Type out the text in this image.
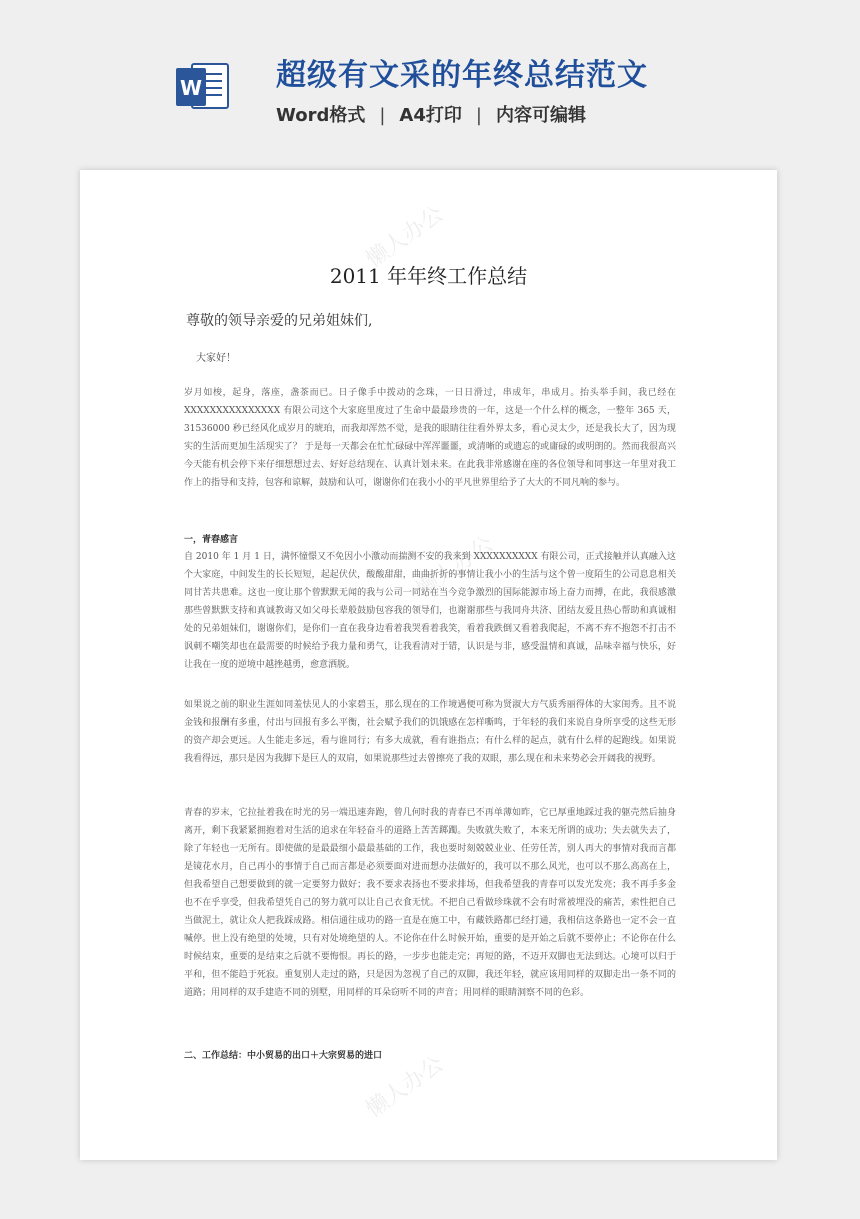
W 超级有文采的年终总结范文
Word格式 | A4打印 | 内容可编辑
懒人办公
懒人办公
懒人办公
2011 年年终工作总结
尊敬的领导亲爱的兄弟姐妹们,
大家好！
岁月如梭，起身，落座，盏茶而已。日子像手中拨动的念珠，一日日滑过，串成年，串成月。抬头举手间，我已经在 XXXXXXXXXXXXXXX 有限公司这个大家庭里度过了生命中最最珍贵的一年，这是一个什么样的概念，一整年 365 天，31536000 秒已经风化成岁月的琥珀，而我却浑然不觉，是我的眼睛往往看外界太多，看心灵太少，还是我长大了，因为现实的生活而更加生活现实了？ 于是每一天都会在忙忙碌碌中浑浑噩噩，或清晰的或遗忘的或庸碌的或明朗的。然而我很高兴今天能有机会停下来仔细想想过去、好好总结现在、认真计划未来。在此我非常感谢在座的各位领导和同事这一年里对我工作上的指导和支持，包容和谅解，鼓励和认可，谢谢你们在我小小的平凡世界里给予了大大的不同凡响的参与。
一，青春感言
自 2010 年 1 月 1 日，满怀憧憬又不免因小小激动而揣测不安的我来到 XXXXXXXXXX 有限公司，正式接触并认真融入这个大家庭，中间发生的长长短短，起起伏伏，酸酸甜甜，曲曲折折的事情让我小小的生活与这个曾一度陌生的公司息息相关同甘苦共患难。这也一度让那个曾默默无闻的我与公司一同站在当今竞争激烈的国际能源市场上奋力而搏，在此，我很感激那些曾默默支持和真诚教诲又如父母长辈般鼓励包容我的领导们，也谢谢那些与我同舟共济、团结友爱且热心帮助和真诚相处的兄弟姐妹们，谢谢你们，是你们一直在我身边看着我哭看着我笑，看着我跌倒又看着我爬起，不离不弃不抱怨不打击不讽刺不嘲笑却也在最需要的时候给予我力量和勇气，让我看清对于错，认识是与非，感受温情和真诚，品味幸福与快乐，好让我在一度的逆境中越挫越勇，愈意洒脱。
如果说之前的职业生涯如同羞怯见人的小家碧玉，那么现在的工作境遇便可称为贤淑大方气质秀丽得体的大家闺秀。且不说金钱和报酬有多重，付出与回报有多么平衡，社会赋予我们的饥饿感在怎样嘶鸣，于年轻的我们来说自身所享受的这些无形的资产却会更远。人生能走多远，看与谁同行；有多大成就，看有谁指点；有什么样的起点，就有什么样的起跑线。如果说我看得远，那只是因为我脚下是巨人的双肩，如果说那些过去曾擦亮了我的双眼，那么现在和未来势必会开阔我的视野。
青春的岁末，它拉扯着我在时光的另一端迅速奔跑，曾几何时我的青春已不再单薄如昨，它已厚重地踩过我的躯壳然后抽身离开，剩下我紧紧拥抱着对生活的追求在年轻奋斗的道路上苦苦踯躅。失败就失败了，本来无所谓的成功；失去就失去了，除了年轻也一无所有。即使做的是最最细小最最基础的工作，我也要时刻兢兢业业、任劳任苦，别人再大的事情对我而言都是镜花水月，自己再小的事情于自己而言都是必须要面对进而想办法做好的，我可以不那么风光，也可以不那么高高在上，但我希望自己想要做到的就一定要努力做好；我不要求表扬也不要求排场，但我希望我的青春可以发光发亮；我不再手多金也不在乎享受，但我希望凭自己的努力就可以让自己衣食无忧。不把自己看做珍珠就不会有时常被埋没的痛苦，索性把自己当做泥土，就让众人把我踩成路。相信通往成功的路一直是在施工中，有藏铁路都已经打通，我相信这条路也一定不会一直喊停。世上没有绝望的处境，只有对处境绝望的人。不论你在什么时候开始，重要的是开始之后就不要停止；不论你在什么时候结束，重要的是结束之后就不要悔恨。再长的路，一步步也能走完；再短的路，不迈开双脚也无法到达。心境可以归于平和，但不能趋于死寂。重复别人走过的路，只是因为忽视了自己的双脚，我还年轻，就应该用同样的双脚走出一条不同的道路；用同样的双手建造不同的别墅，用同样的耳朵窃听不同的声音；用同样的眼睛洞察不同的色彩。
二、工作总结：中小贸易的出口＋大宗贸易的进口
